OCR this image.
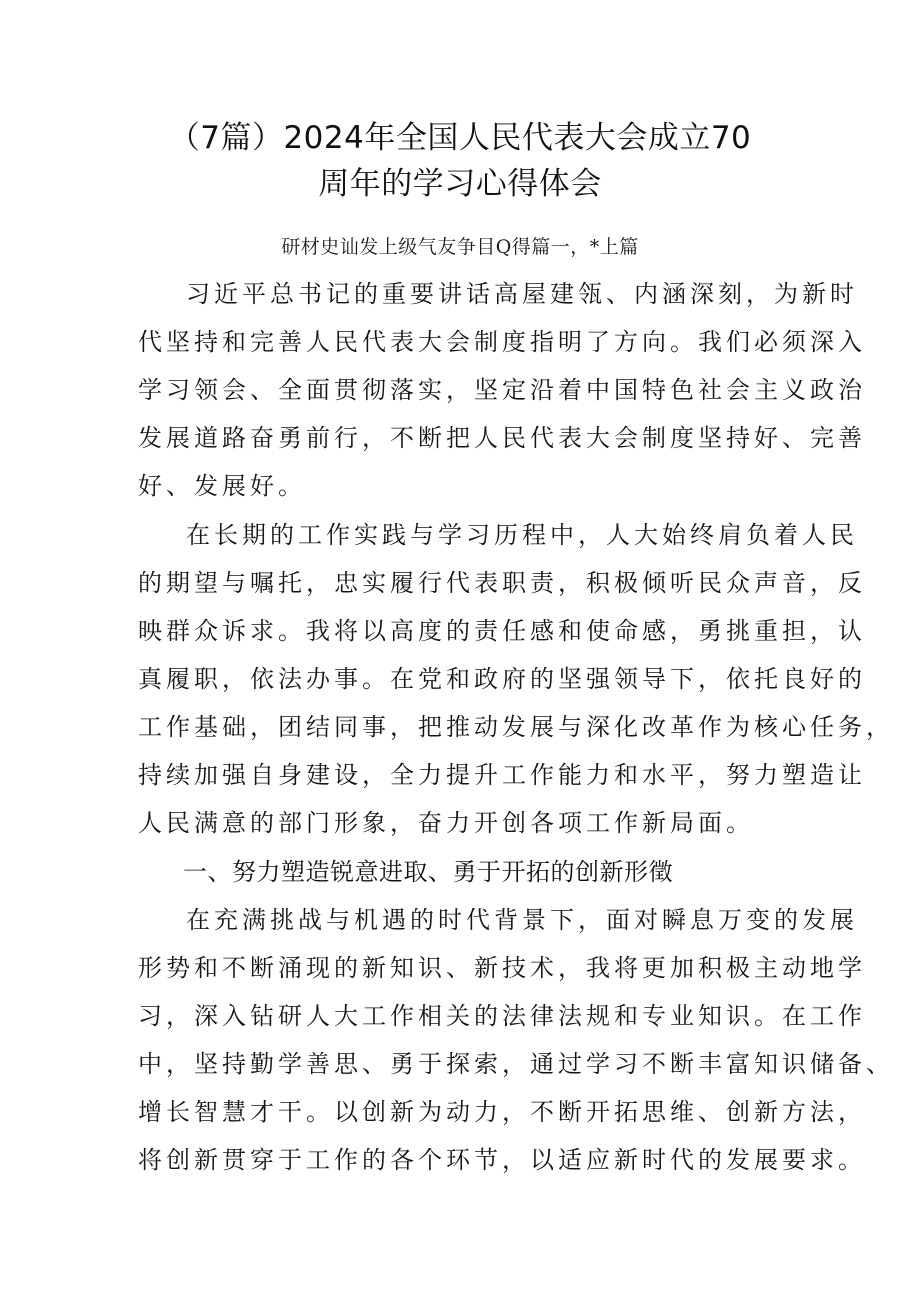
（7篇）2024年全国人民代表大会成立70
周年的学习心得体会
研材史讪发上级气友争目Q得篇一，*上篇
习近平总书记的重要讲话高屋建瓴、内涵深刻，为新时
代坚持和完善人民代表大会制度指明了方向。我们必须深入
学习领会、全面贯彻落实，坚定沿着中国特色社会主义政治
发展道路奋勇前行，不断把人民代表大会制度坚持好、完善
好、发展好。
在长期的工作实践与学习历程中，人大始终肩负着人民
的期望与嘱托，忠实履行代表职责，积极倾听民众声音，反
映群众诉求。我将以高度的责任感和使命感，勇挑重担，认
真履职，依法办事。在党和政府的坚强领导下，依托良好的
工作基础，团结同事，把推动发展与深化改革作为核心任务，
持续加强自身建设，全力提升工作能力和水平，努力塑造让
人民满意的部门形象，奋力开创各项工作新局面。
一、努力塑造锐意进取、勇于开拓的创新形徵
在充满挑战与机遇的时代背景下，面对瞬息万变的发展
形势和不断涌现的新知识、新技术，我将更加积极主动地学
习，深入钻研人大工作相关的法律法规和专业知识。在工作
中，坚持勤学善思、勇于探索，通过学习不断丰富知识储备、
增长智慧才干。以创新为动力，不断开拓思维、创新方法，
将创新贯穿于工作的各个环节，以适应新时代的发展要求。
